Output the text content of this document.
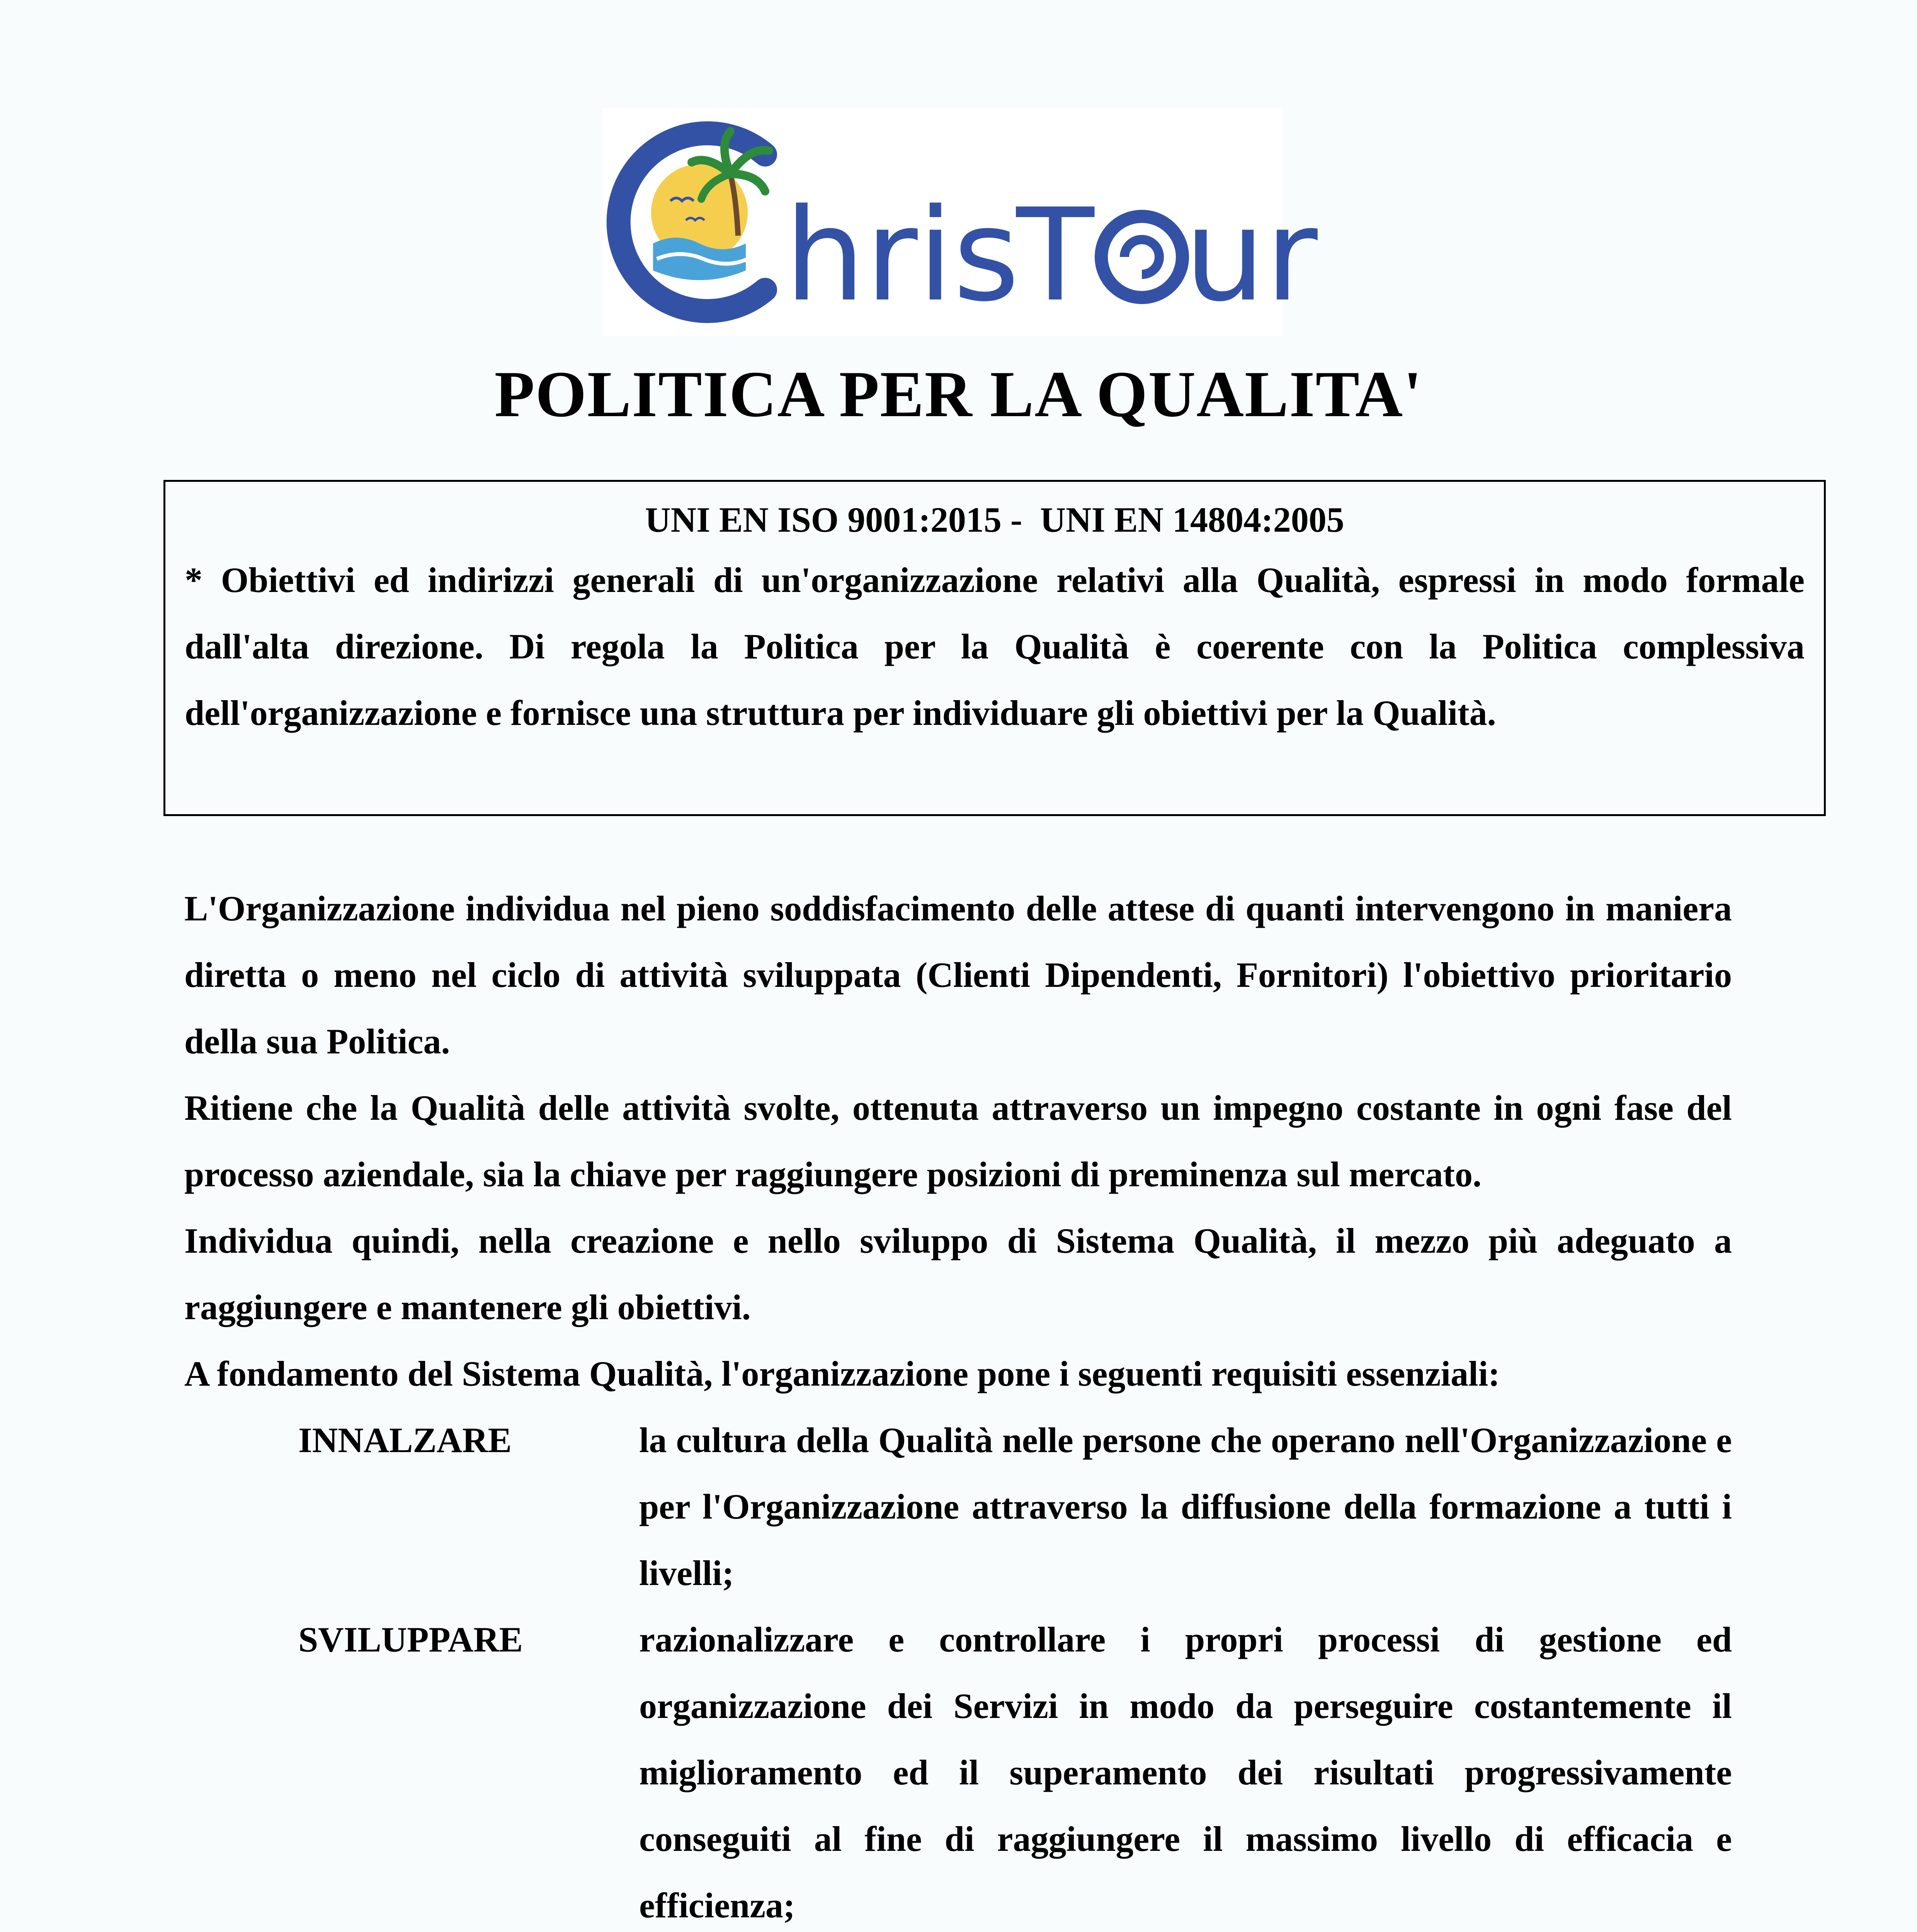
hris
T ur
POLITICA PER LA QUALITA'
UNI EN ISO 9001:2015 -  UNI EN 14804:2005
* Obiettivi ed indirizzi generali di un'organizzazione relativi alla Qualità, espressi in modo formale dall'alta direzione. Di regola la Politica per la Qualità è coerente con la Politica complessiva dell'organizzazione e fornisce una struttura per individuare gli obiettivi per la Qualità.

L'Organizzazione individua nel pieno soddisfacimento delle attese di quanti intervengono in maniera diretta o meno nel ciclo di attività sviluppata (Clienti Dipendenti, Fornitori) l'obiettivo prioritario della sua Politica.

Ritiene che la Qualità delle attività svolte, ottenuta attraverso un impegno costante in ogni fase del processo aziendale, sia la chiave per raggiungere posizioni di preminenza sul mercato.

Individua quindi, nella creazione e nello sviluppo di Sistema Qualità, il mezzo più adeguato a raggiungere e mantenere gli obiettivi.

A fondamento del Sistema Qualità, l'organizzazione pone i seguenti requisiti essenziali:

INNALZARE	la cultura della Qualità nelle persone che operano nell'Organizzazione e per l'Organizzazione attraverso la diffusione della formazione a tutti i livelli;
SVILUPPARE	razionalizzare e controllare i propri processi di gestione ed organizzazione dei Servizi in modo da perseguire costantemente il miglioramento ed il superamento dei risultati progressivamente conseguiti al fine di raggiungere il massimo livello di efficacia e efficienza;
